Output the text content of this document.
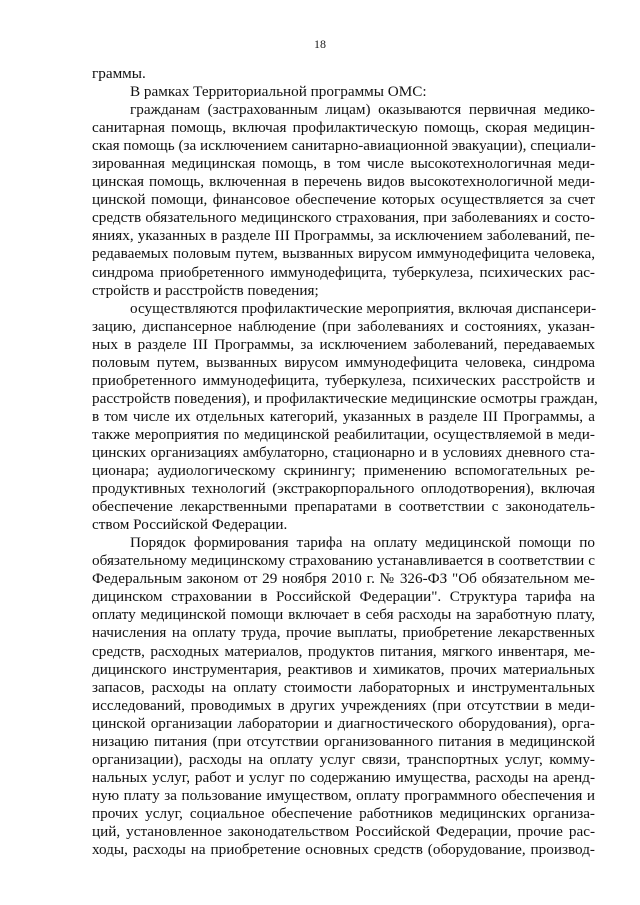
18
граммы.
В рамках Территориальной программы ОМС:
гражданам (застрахованным лицам) оказываются первичная медико-
санитарная помощь, включая профилактическую помощь, скорая медицин-
ская помощь (за исключением санитарно-авиационной эвакуации), специали-
зированная медицинская помощь, в том числе высокотехнологичная меди-
цинская помощь, включенная в перечень видов высокотехнологичной меди-
цинской помощи, финансовое обеспечение которых осуществляется за счет
средств обязательного медицинского страхования, при заболеваниях и состо-
яниях, указанных в разделе III Программы, за исключением заболеваний, пе-
редаваемых половым путем, вызванных вирусом иммунодефицита человека,
синдрома приобретенного иммунодефицита, туберкулеза, психических рас-
стройств и расстройств поведения;
осуществляются профилактические мероприятия, включая диспансери-
зацию, диспансерное наблюдение (при заболеваниях и состояниях, указан-
ных в разделе III Программы, за исключением заболеваний, передаваемых
половым путем, вызванных вирусом иммунодефицита человека, синдрома
приобретенного иммунодефицита, туберкулеза, психических расстройств и
расстройств поведения), и профилактические медицинские осмотры граждан,
в том числе их отдельных категорий, указанных в разделе III Программы, а
также мероприятия по медицинской реабилитации, осуществляемой в меди-
цинских организациях амбулаторно, стационарно и в условиях дневного ста-
ционара; аудиологическому скринингу; применению вспомогательных ре-
продуктивных технологий (экстракорпорального оплодотворения), включая
обеспечение лекарственными препаратами в соответствии с законодатель-
ством Российской Федерации.
Порядок формирования тарифа на оплату медицинской помощи по
обязательному медицинскому страхованию устанавливается в соответствии с
Федеральным законом от 29 ноября 2010 г. № 326-ФЗ "Об обязательном ме-
дицинском страховании в Российской Федерации". Структура тарифа на
оплату медицинской помощи включает в себя расходы на заработную плату,
начисления на оплату труда, прочие выплаты, приобретение лекарственных
средств, расходных материалов, продуктов питания, мягкого инвентаря, ме-
дицинского инструментария, реактивов и химикатов, прочих материальных
запасов, расходы на оплату стоимости лабораторных и инструментальных
исследований, проводимых в других учреждениях (при отсутствии в меди-
цинской организации лаборатории и диагностического оборудования), орга-
низацию питания (при отсутствии организованного питания в медицинской
организации), расходы на оплату услуг связи, транспортных услуг, комму-
нальных услуг, работ и услуг по содержанию имущества, расходы на аренд-
ную плату за пользование имуществом, оплату программного обеспечения и
прочих услуг, социальное обеспечение работников медицинских организа-
ций, установленное законодательством Российской Федерации, прочие рас-
ходы, расходы на приобретение основных средств (оборудование, производ-
